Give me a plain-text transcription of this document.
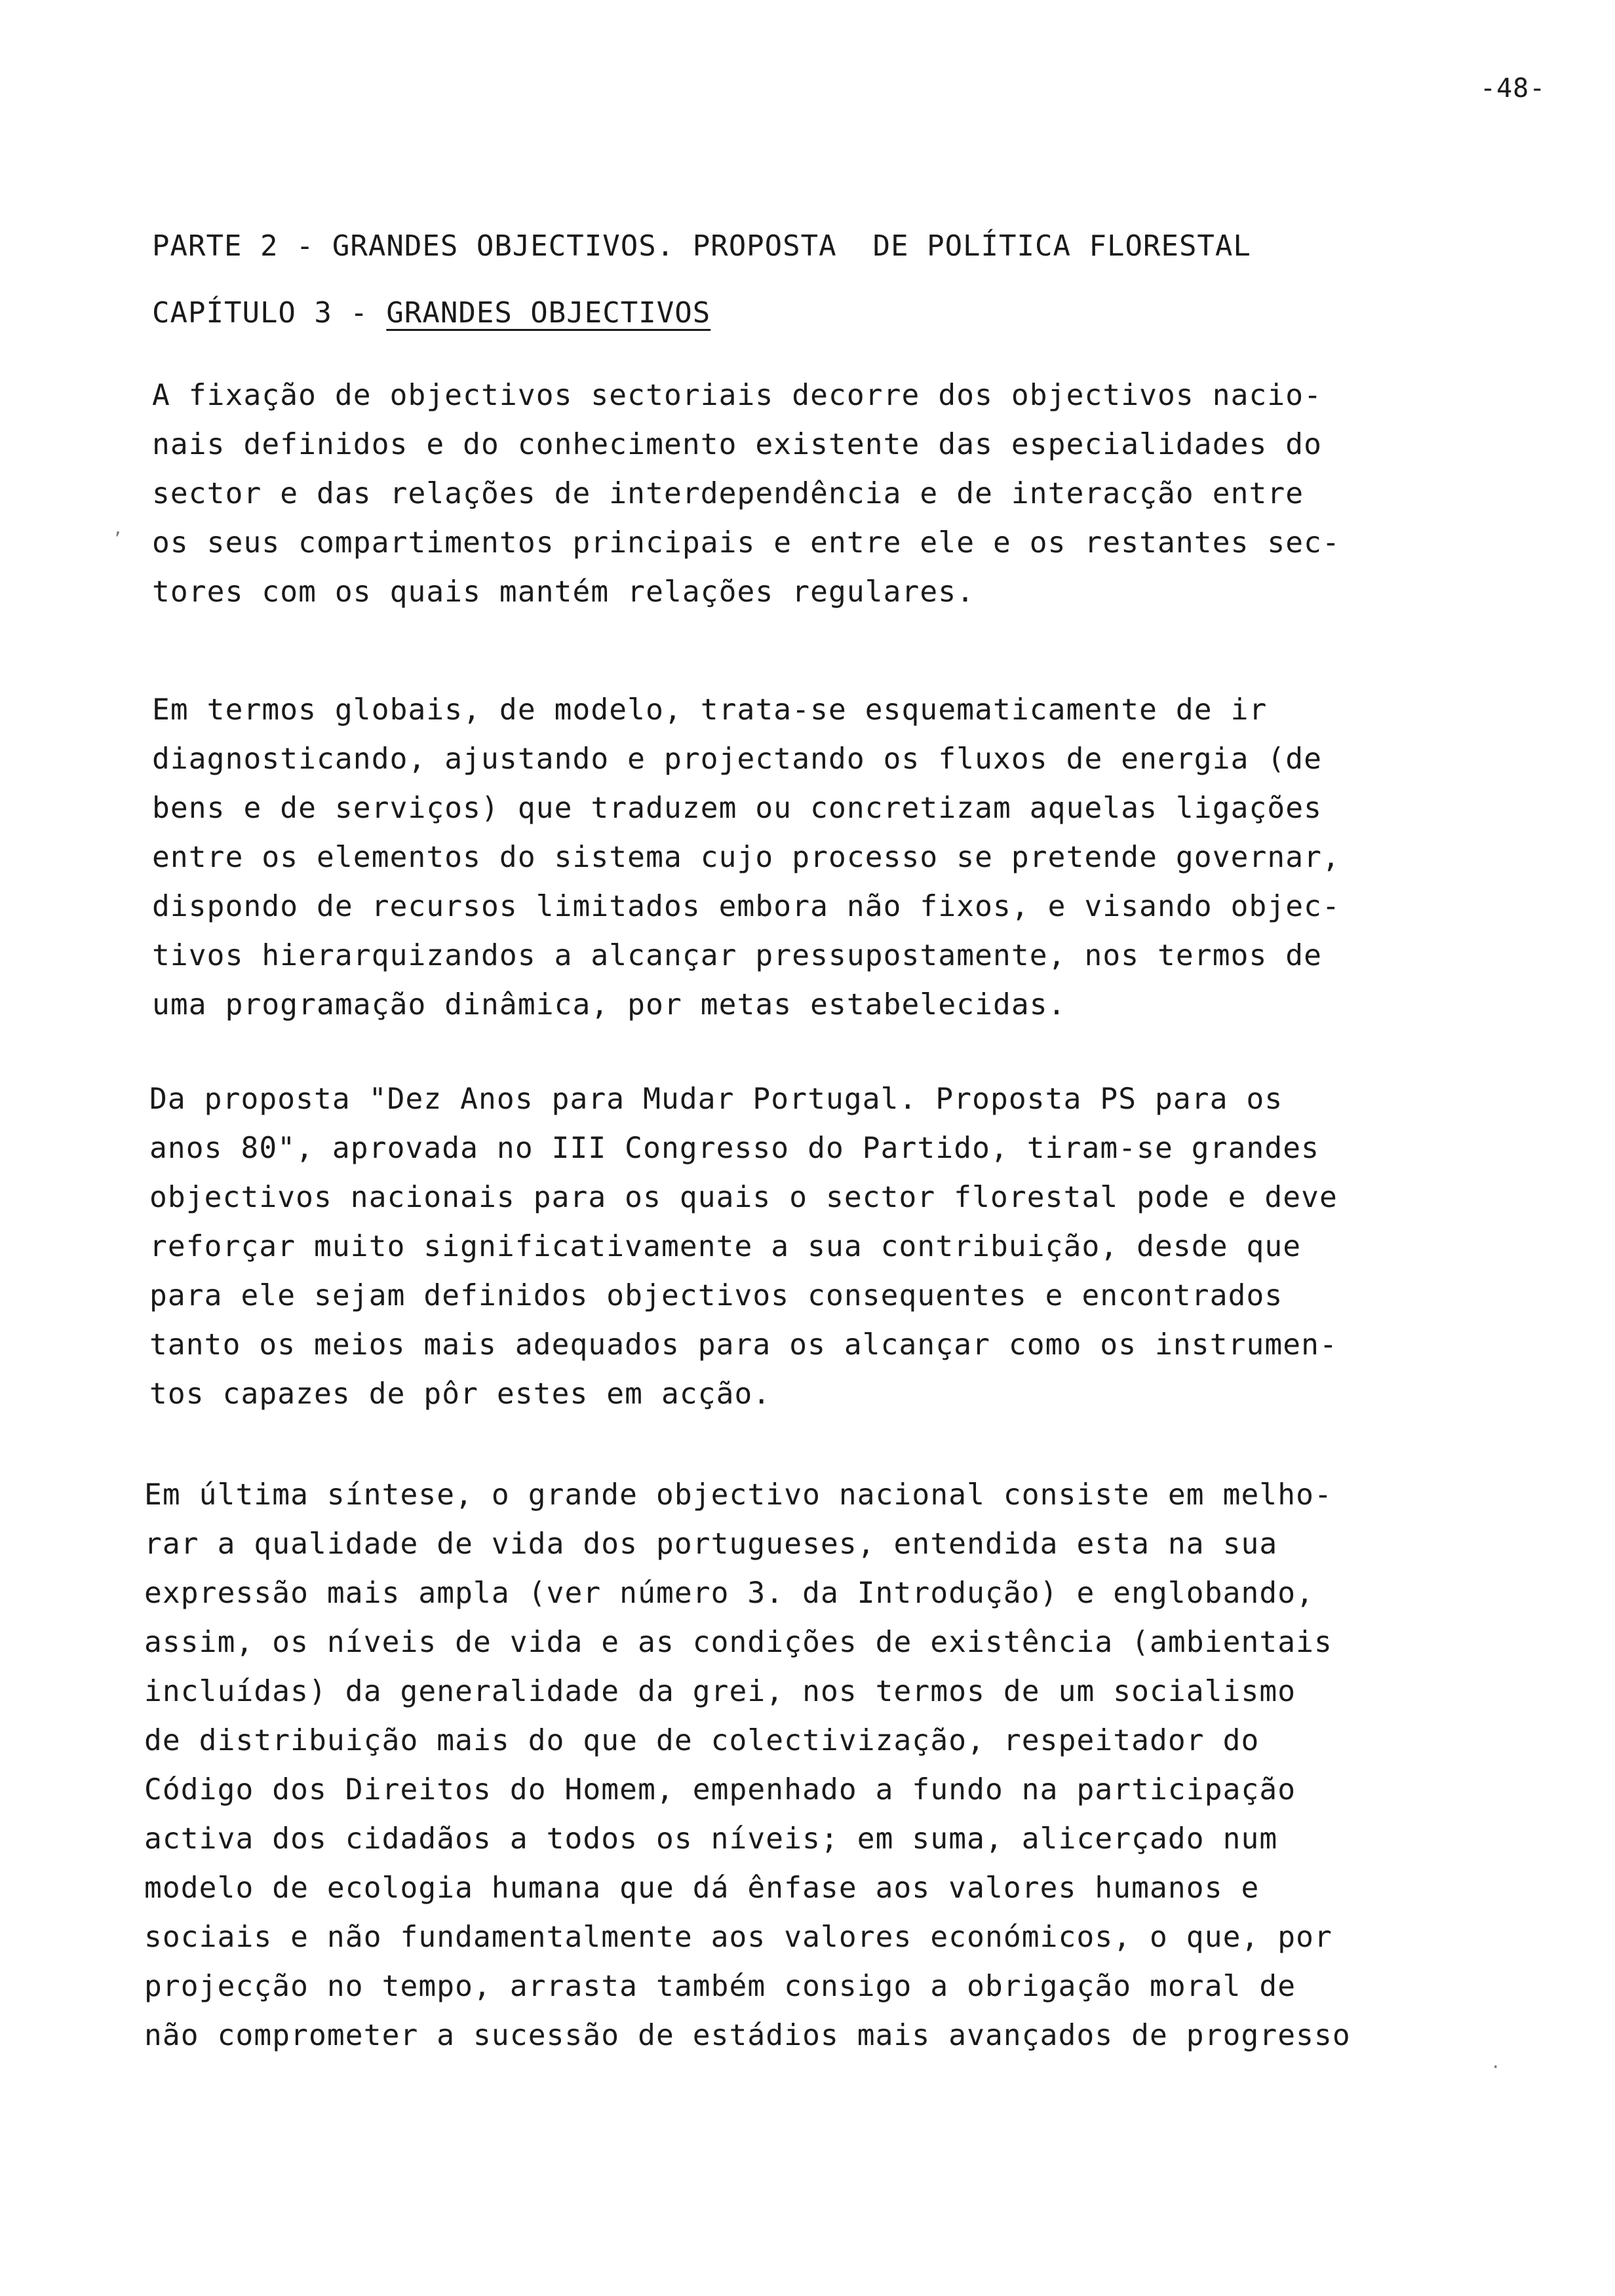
-48-
PARTE 2 - GRANDES OBJECTIVOS. PROPOSTA  DE POLÍTICA FLORESTAL
CAPÍTULO 3 - GRANDES OBJECTIVOS
A fixação de objectivos sectoriais decorre dos objectivos nacio-
nais definidos e do conhecimento existente das especialidades do
sector e das relações de interdependência e de interacção entre
os seus compartimentos principais e entre ele e os restantes sec-
tores com os quais mantém relações regulares.
Em termos globais, de modelo, trata-se esquematicamente de ir
diagnosticando, ajustando e projectando os fluxos de energia (de
bens e de serviços) que traduzem ou concretizam aquelas ligações
entre os elementos do sistema cujo processo se pretende governar,
dispondo de recursos limitados embora não fixos, e visando objec-
tivos hierarquizandos a alcançar pressupostamente, nos termos de
uma programação dinâmica, por metas estabelecidas.
Da proposta "Dez Anos para Mudar Portugal. Proposta PS para os
anos 80", aprovada no III Congresso do Partido, tiram-se grandes
objectivos nacionais para os quais o sector florestal pode e deve
reforçar muito significativamente a sua contribuição, desde que
para ele sejam definidos objectivos consequentes e encontrados
tanto os meios mais adequados para os alcançar como os instrumen-
tos capazes de pôr estes em acção.
Em última síntese, o grande objectivo nacional consiste em melho-
rar a qualidade de vida dos portugueses, entendida esta na sua
expressão mais ampla (ver número 3. da Introdução) e englobando,
assim, os níveis de vida e as condições de existência (ambientais
incluídas) da generalidade da grei, nos termos de um socialismo
de distribuição mais do que de colectivização, respeitador do
Código dos Direitos do Homem, empenhado a fundo na participação
activa dos cidadãos a todos os níveis; em suma, alicerçado num
modelo de ecologia humana que dá ênfase aos valores humanos e
sociais e não fundamentalmente aos valores económicos, o que, por
projecção no tempo, arrasta também consigo a obrigação moral de
não comprometer a sucessão de estádios mais avançados de progresso
,
·
